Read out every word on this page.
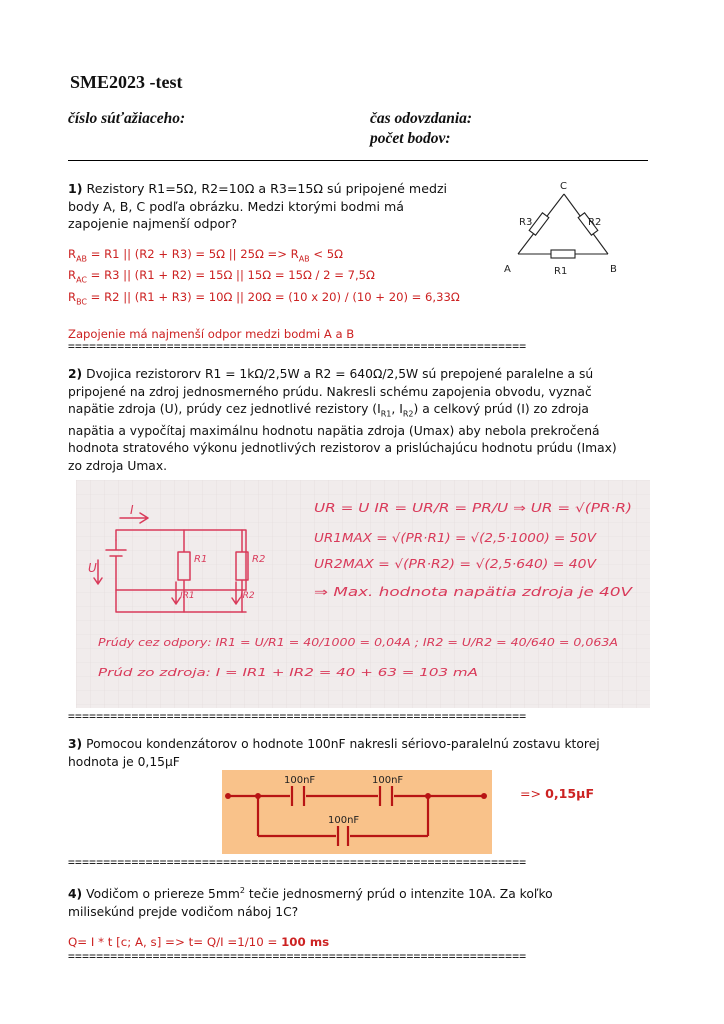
SME2023 -test
číslo súťažiaceho:	čas odovzdania:
počet bodov:
1) Rezistory R1=5Ω, R2=10Ω a R3=15Ω sú pripojené medzi
body A, B, C podľa obrázku. Medzi ktorými bodmi má
zapojenie najmenší odpor?
C
A	B
R1
R3	R2
$R_{AB} = R1$ || (R2 + R3) = 5Ω || $25\Omega => R_{AB} < 5\Omega$
$R_{AC} = R3$ || (R1 + R2) = 15Ω || 15Ω = 15Ω / 2 = 7,5Ω
$R_{BC} = R2$ || (R1 + R3) = 10Ω || 20Ω = (10 x 20) / (10 + 20) = 6,33Ω
Zapojenie má najmenší odpor medzi bodmi A a B
=================================================================
2) Dvojica rezistororv R1 = 1kΩ/2,5W a R2 = 640Ω/2,5W sú prepojené paralelne a sú
pripojené na zdroj jednosmerného prúdu. Nakresli schému zapojenia obvodu, vyznač
napätie zdroja (U), prúdy cez jednotlivé rezistory ($I_{R1}$, $I_{R2}$) a celkový prúd (I) zo zdroja
napätia a vypočítaj maximálnu hodnotu napätia zdroja (Umax) aby nebola prekročená
hodnota stratového výkonu jednotlivých rezistorov a prislúchajúcu hodnotu prúdu (Imax)
zo zdroja Umax.
I
U
R1	R2
IR1	IR2
UR = U IR = UR/R = PR/U ⇒ UR = √(PR·R)
UR1MAX = √(PR·R1) = √(2,5·1000) = 50V
UR2MAX = √(PR·R2) = √(2,5·640) = 40V
⇒ Max. hodnota napätia zdroja je 40V
Prúdy cez odpory: IR1 = U/R1 = 40/1000 = 0,04A ; IR2 = U/R2 = 40/640 = 0,063A
Prúd zo zdroja: I = IR1 + IR2 = 40 + 63 = 103 mA
=================================================================
3) Pomocou kondenzátorov o hodnote 100nF nakresli sériovo-paralelnú zostavu ktorej
hodnota je 0,15μF
100nF	100nF
100nF
=> 0,15μF
=================================================================
4) Vodičom o priereze $5mm^2$ tečie jednosmerný prúd o intenzite 10A. Za koľko
milisekúnd prejde vodičom náboj 1C?
Q= I * t [c; A, s] => t= Q/I =1/10 = 100 ms
=================================================================
